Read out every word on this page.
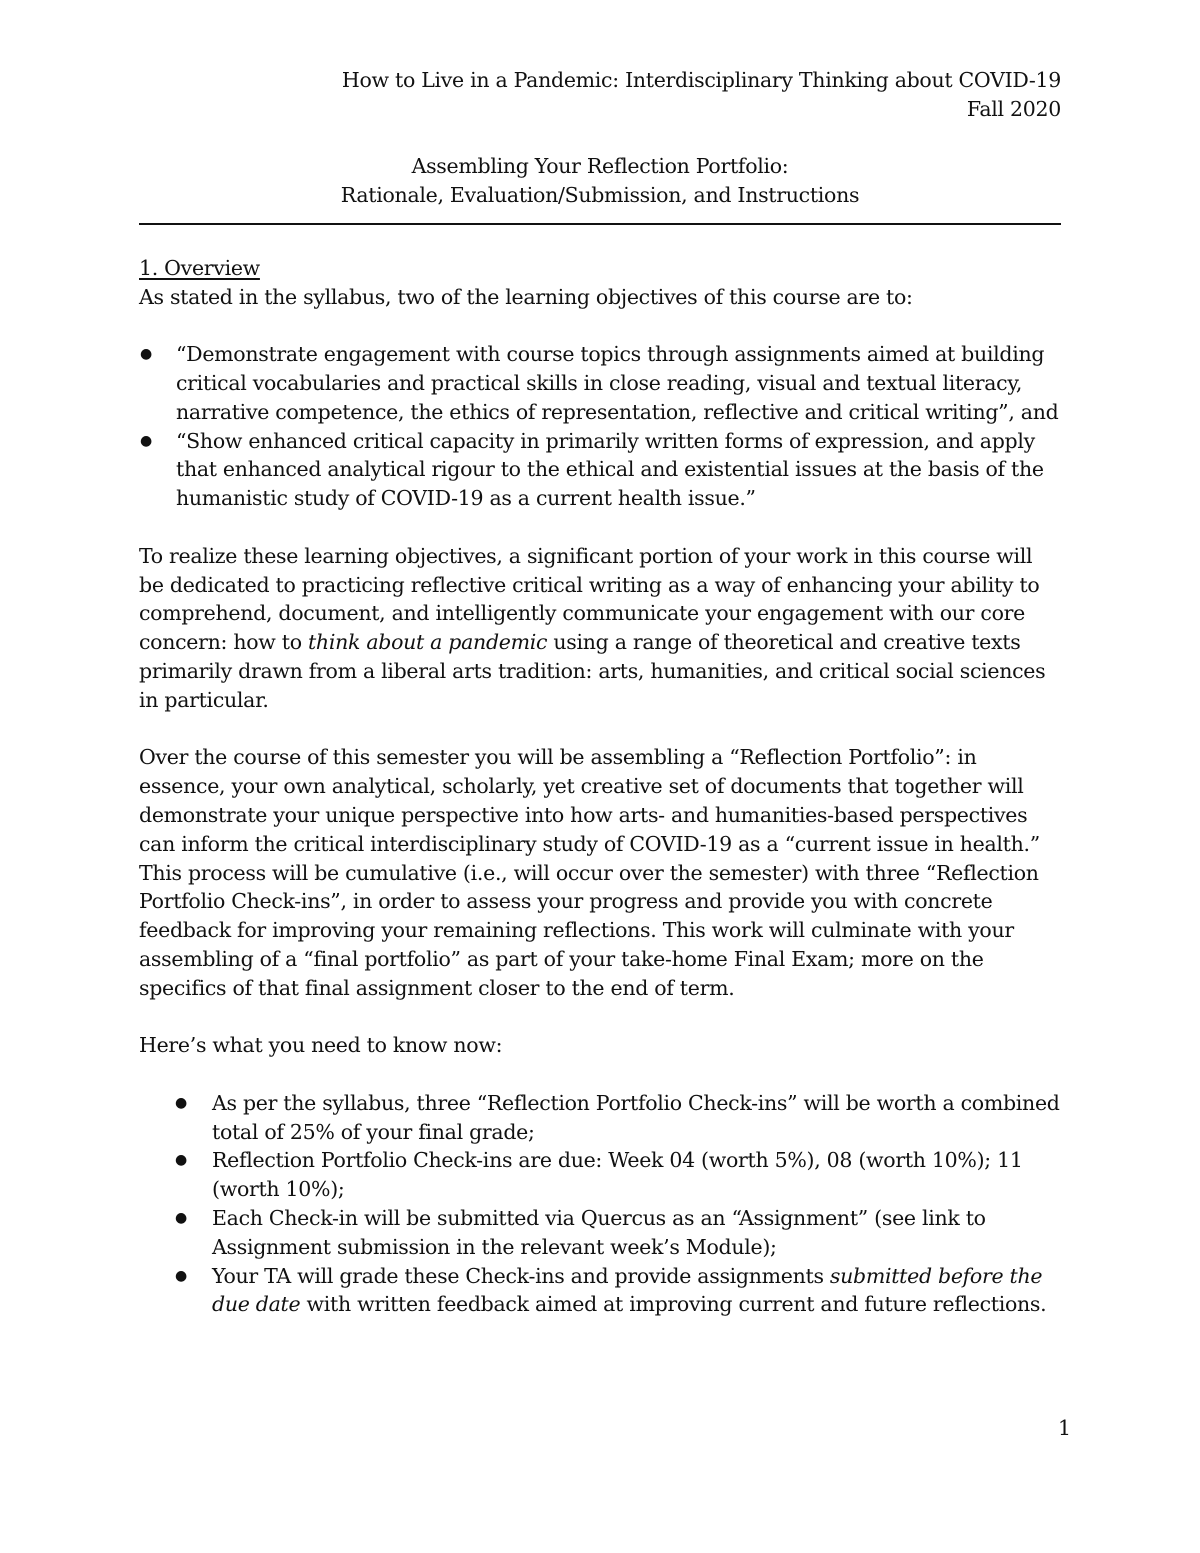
How to Live in a Pandemic: Interdisciplinary Thinking about COVID-19
Fall 2020
Assembling Your Reflection Portfolio:
Rationale, Evaluation/Submission, and Instructions
1. Overview

As stated in the syllabus, two of the learning objectives of this course are to:

● “Demonstrate engagement with course topics through assignments aimed at building critical vocabularies and practical skills in close reading, visual and textual literacy, narrative competence, the ethics of representation, reflective and critical writing”, and
● “Show enhanced critical capacity in primarily written forms of expression, and apply that enhanced analytical rigour to the ethical and existential issues at the basis of the humanistic study of COVID-19 as a current health issue.”

To realize these learning objectives, a significant portion of your work in this course will be dedicated to practicing reflective critical writing as a way of enhancing your ability to comprehend, document, and intelligently communicate your engagement with our core concern: how to think about a pandemic using a range of theoretical and creative texts primarily drawn from a liberal arts tradition: arts, humanities, and critical social sciences in particular.

Over the course of this semester you will be assembling a “Reflection Portfolio”: in essence, your own analytical, scholarly, yet creative set of documents that together will demonstrate your unique perspective into how arts- and humanities-based perspectives can inform the critical interdisciplinary study of COVID-19 as a “current issue in health.” This process will be cumulative (i.e., will occur over the semester) with three “Reflection Portfolio Check-ins”, in order to assess your progress and provide you with concrete feedback for improving your remaining reflections. This work will culminate with your assembling of a “final portfolio” as part of your take-home Final Exam; more on the specifics of that final assignment closer to the end of term.

Here’s what you need to know now:

● As per the syllabus, three “Reflection Portfolio Check-ins” will be worth a combined total of 25% of your final grade;
● Reflection Portfolio Check-ins are due: Week 04 (worth 5%), 08 (worth 10%); 11 (worth 10%);
● Each Check-in will be submitted via Quercus as an “Assignment” (see link to Assignment submission in the relevant week’s Module);
● Your TA will grade these Check-ins and provide assignments submitted before the due date with written feedback aimed at improving current and future reflections.
1
